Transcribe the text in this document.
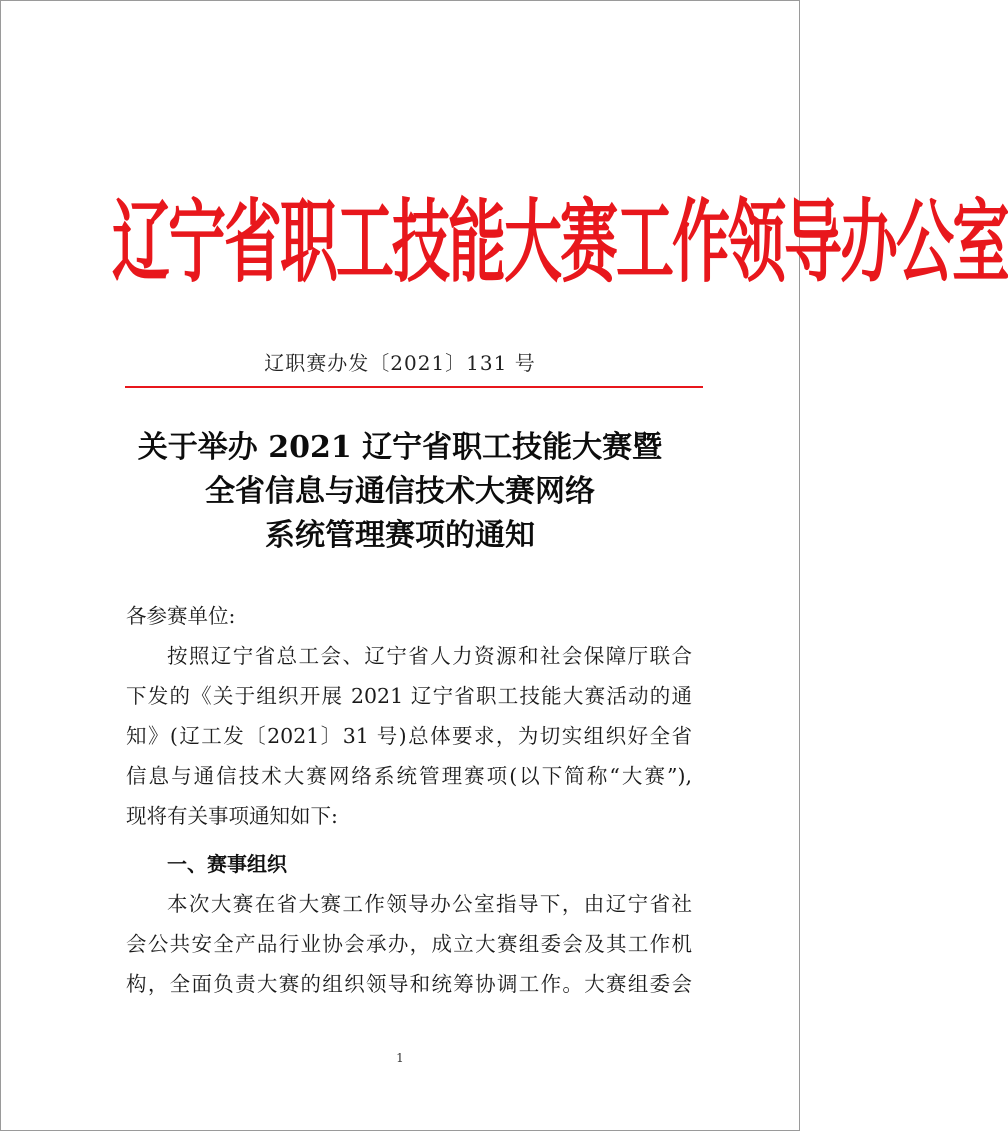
辽宁省职工技能大赛工作领导办公室
辽职赛办发〔2021〕131 号
关于举办 2021 辽宁省职工技能大赛暨
全省信息与通信技术大赛网络
系统管理赛项的通知
各参赛单位:
按照辽宁省总工会、辽宁省人力资源和社会保障厅联合
下发的《关于组织开展 2021 辽宁省职工技能大赛活动的通
知》(辽工发〔2021〕31 号)总体要求，为切实组织好全省
信息与通信技术大赛网络系统管理赛项(以下简称“大赛”),
现将有关事项通知如下:
一、赛事组织
本次大赛在省大赛工作领导办公室指导下，由辽宁省社
会公共安全产品行业协会承办，成立大赛组委会及其工作机
构，全面负责大赛的组织领导和统筹协调工作。大赛组委会
1
